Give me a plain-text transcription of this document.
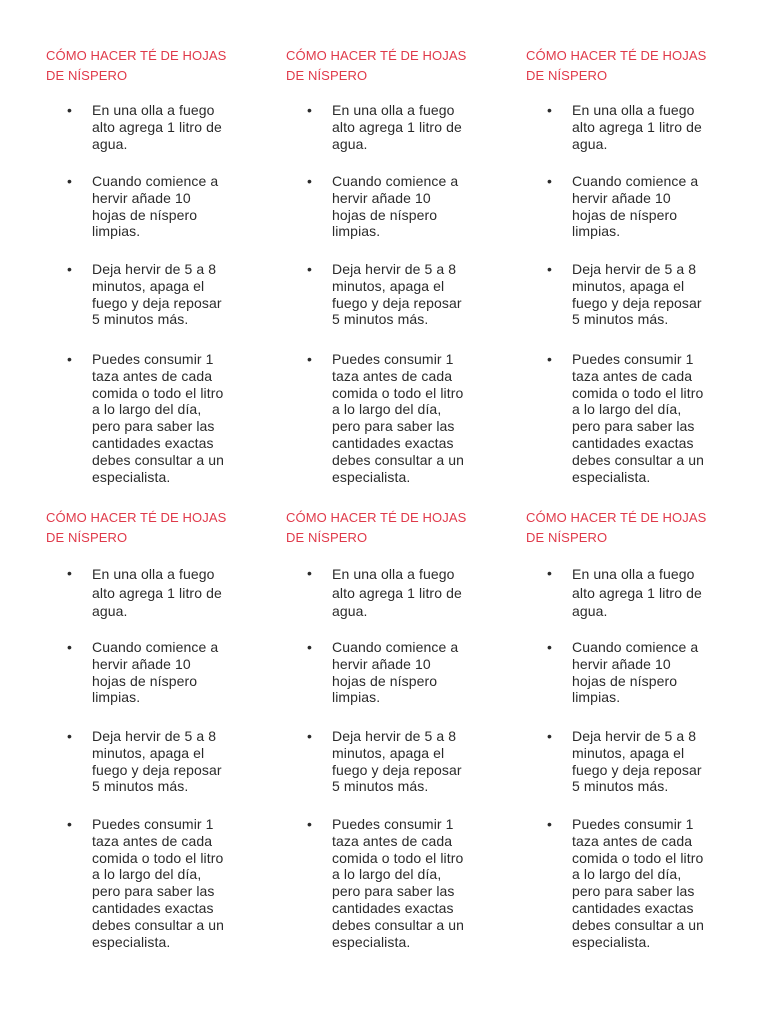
CÓMO HACER TÉ DE HOJAS
DE NÍSPERO

• En una olla a fuego
alto agrega 1 litro de
agua.
• Cuando comience a
hervir añade 10
hojas de níspero
limpias.
• Deja hervir de 5 a 8
minutos, apaga el
fuego y deja reposar
5 minutos más.
• Puedes consumir 1
taza antes de cada
comida o todo el litro
a lo largo del día,
pero para saber las
cantidades exactas
debes consultar a un
especialista.

CÓMO HACER TÉ DE HOJAS
DE NÍSPERO

• En una olla a fuego
alto agrega 1 litro de
agua.
• Cuando comience a
hervir añade 10
hojas de níspero
limpias.
• Deja hervir de 5 a 8
minutos, apaga el
fuego y deja reposar
5 minutos más.
• Puedes consumir 1
taza antes de cada
comida o todo el litro
a lo largo del día,
pero para saber las
cantidades exactas
debes consultar a un
especialista.

CÓMO HACER TÉ DE HOJAS
DE NÍSPERO

• En una olla a fuego
alto agrega 1 litro de
agua.
• Cuando comience a
hervir añade 10
hojas de níspero
limpias.
• Deja hervir de 5 a 8
minutos, apaga el
fuego y deja reposar
5 minutos más.
• Puedes consumir 1
taza antes de cada
comida o todo el litro
a lo largo del día,
pero para saber las
cantidades exactas
debes consultar a un
especialista.

CÓMO HACER TÉ DE HOJAS
DE NÍSPERO

• En una olla a fuego
alto agrega 1 litro de
agua.
• Cuando comience a
hervir añade 10
hojas de níspero
limpias.
• Deja hervir de 5 a 8
minutos, apaga el
fuego y deja reposar
5 minutos más.
• Puedes consumir 1
taza antes de cada
comida o todo el litro
a lo largo del día,
pero para saber las
cantidades exactas
debes consultar a un
especialista.

CÓMO HACER TÉ DE HOJAS
DE NÍSPERO

• En una olla a fuego
alto agrega 1 litro de
agua.
• Cuando comience a
hervir añade 10
hojas de níspero
limpias.
• Deja hervir de 5 a 8
minutos, apaga el
fuego y deja reposar
5 minutos más.
• Puedes consumir 1
taza antes de cada
comida o todo el litro
a lo largo del día,
pero para saber las
cantidades exactas
debes consultar a un
especialista.

CÓMO HACER TÉ DE HOJAS
DE NÍSPERO

• En una olla a fuego
alto agrega 1 litro de
agua.
• Cuando comience a
hervir añade 10
hojas de níspero
limpias.
• Deja hervir de 5 a 8
minutos, apaga el
fuego y deja reposar
5 minutos más.
• Puedes consumir 1
taza antes de cada
comida o todo el litro
a lo largo del día,
pero para saber las
cantidades exactas
debes consultar a un
especialista.
